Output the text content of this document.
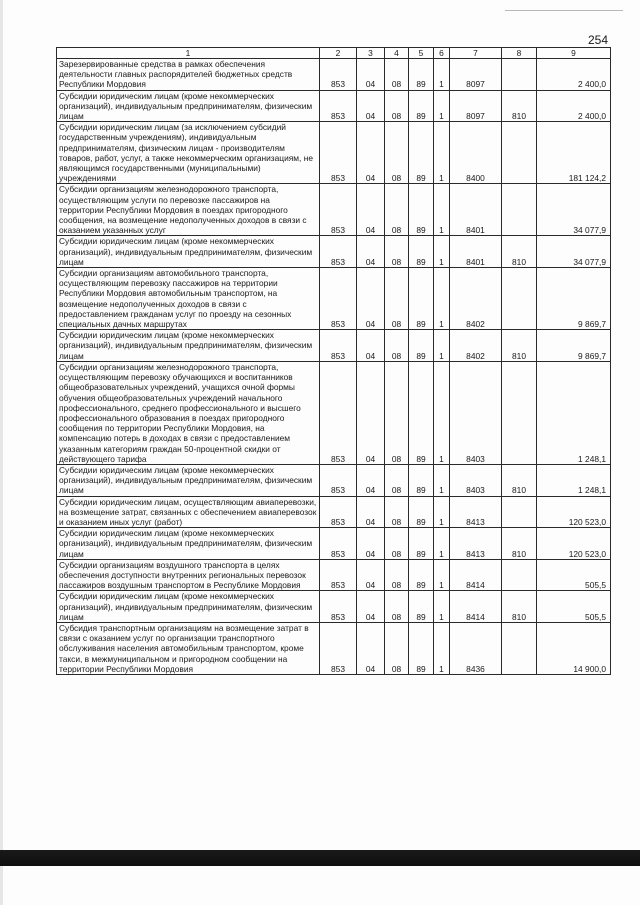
254
1	2	3	4	5	6	7	8	9
Зарезервированные средства в рамках обеспечения деятельности главных распорядителей бюджетных средств Республики Мордовия	853	04	08	89	1	8097		2 400,0
Субсидии юридическим лицам (кроме некоммерческих организаций), индивидуальным предпринимателям, физическим лицам	853	04	08	89	1	8097	810	2 400,0
Субсидии юридическим лицам (за исключением субсидий государственным учреждениям), индивидуальным предпринимателям, физическим лицам - производителям товаров, работ, услуг, а также некоммерческим организациям, не являющимся государственными (муниципальными) учреждениями	853	04	08	89	1	8400		181 124,2
Субсидии организациям железнодорожного транспорта, осуществляющим услуги по перевозке пассажиров на территории Республики Мордовия в поездах пригородного сообщения, на возмещение недополученных доходов в связи с оказанием указанных услуг	853	04	08	89	1	8401		34 077,9
Субсидии юридическим лицам (кроме некоммерческих организаций), индивидуальным предпринимателям, физическим лицам	853	04	08	89	1	8401	810	34 077,9
Субсидии организациям автомобильного транспорта, осуществляющим перевозку пассажиров на территории Республики Мордовия автомобильным транспортом, на возмещение недополученных доходов в связи с предоставлением гражданам услуг по проезду на сезонных специальных дачных маршрутах	853	04	08	89	1	8402		9 869,7
Субсидии юридическим лицам (кроме некоммерческих организаций), индивидуальным предпринимателям, физическим лицам	853	04	08	89	1	8402	810	9 869,7
Субсидии организациям железнодорожного транспорта, осуществляющим перевозку обучающихся и воспитанников общеобразовательных учреждений, учащихся очной формы обучения общеобразовательных учреждений начального профессионального, среднего профессионального и высшего профессионального образования в поездах пригородного сообщения по территории Республики Мордовия, на компенсацию потерь в доходах в связи с предоставлением указанным категориям граждан 50-процентной скидки от действующего тарифа	853	04	08	89	1	8403		1 248,1
Субсидии юридическим лицам (кроме некоммерческих организаций), индивидуальным предпринимателям, физическим лицам	853	04	08	89	1	8403	810	1 248,1
Субсидии юридическим лицам, осуществляющим авиаперевозки, на возмещение затрат, связанных с обеспечением авиаперевозок и оказанием иных услуг (работ)	853	04	08	89	1	8413		120 523,0
Субсидии юридическим лицам (кроме некоммерческих организаций), индивидуальным предпринимателям, физическим лицам	853	04	08	89	1	8413	810	120 523,0
Субсидии организациям воздушного транспорта в целях обеспечения доступности внутренних региональных перевозок пассажиров воздушным транспортом в Республике Мордовия	853	04	08	89	1	8414		505,5
Субсидии юридическим лицам (кроме некоммерческих организаций), индивидуальным предпринимателям, физическим лицам	853	04	08	89	1	8414	810	505,5
Субсидия транспортным организациям на возмещение затрат в связи с оказанием услуг по организации транспортного обслуживания населения автомобильным транспортом, кроме такси, в межмуниципальном и пригородном сообщении на территории Республики Мордовия	853	04	08	89	1	8436		14 900,0
